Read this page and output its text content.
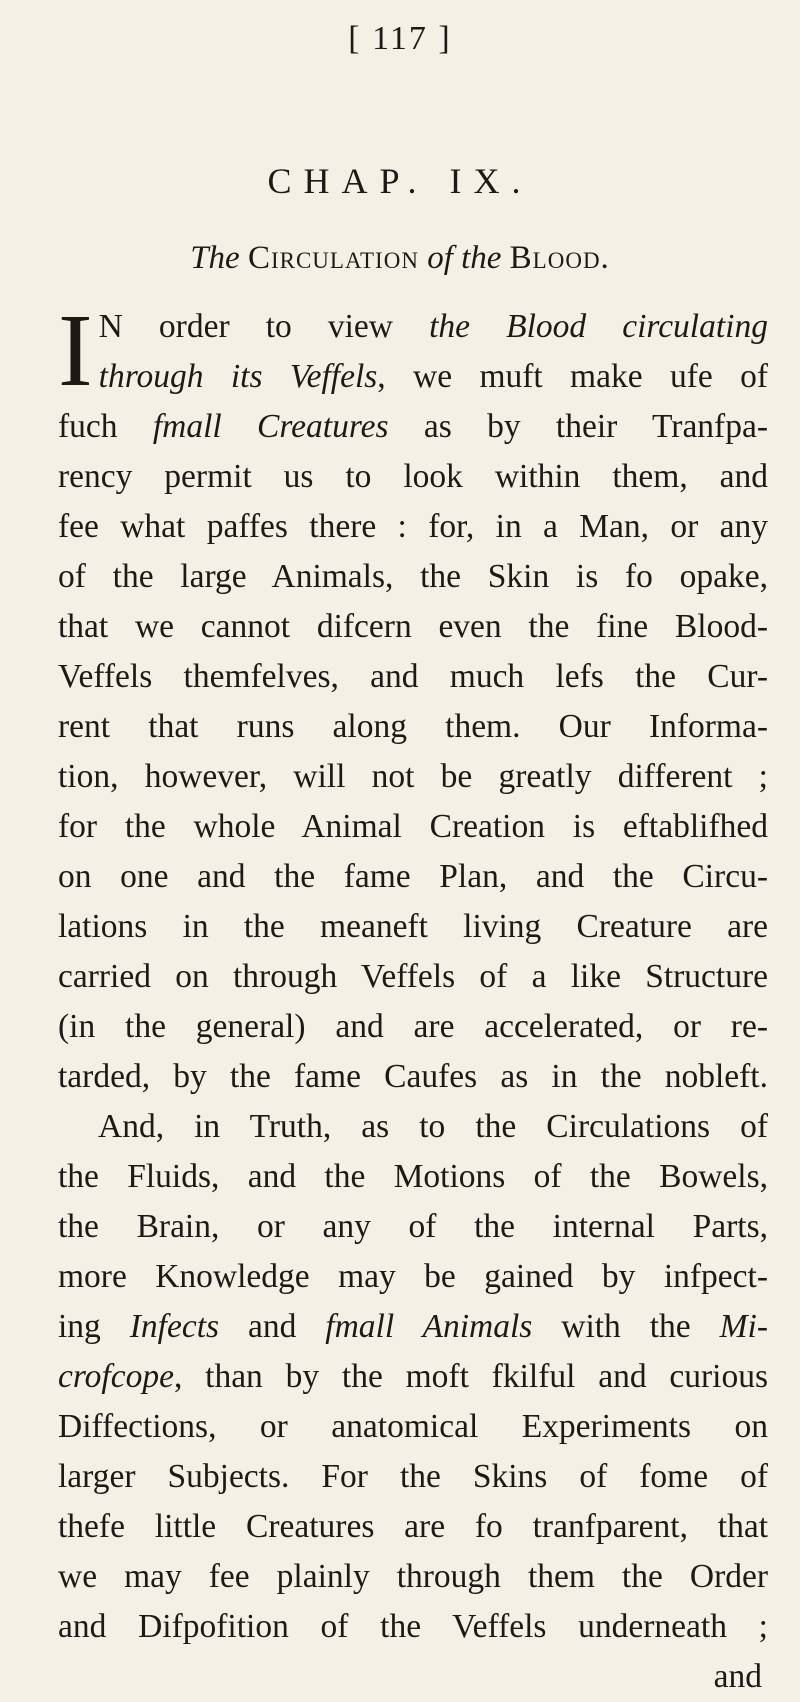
[ 117 ]
CHAP. IX.
The Circulation of the Blood.
I N order to view the Blood circulating
through its Veffels, we muft make ufe of
fuch fmall Creatures as by their Tranfpa-
rency permit us to look within them, and
fee what paffes there : for, in a Man, or any
of the large Animals, the Skin is fo opake,
that we cannot difcern even the fine Blood-
Veffels themfelves, and much lefs the Cur-
rent that runs along them. Our Informa-
tion, however, will not be greatly different ;
for the whole Animal Creation is eftablifhed
on one and the fame Plan, and the Circu-
lations in the meaneft living Creature are
carried on through Veffels of a like Structure
(in the general) and are accelerated, or re-
tarded, by the fame Caufes as in the nobleft.
And, in Truth, as to the Circulations of
the Fluids, and the Motions of the Bowels,
the Brain, or any of the internal Parts,
more Knowledge may be gained by infpect-
ing Infects and fmall Animals with the Mi-
crofcope, than by the moft fkilful and curious
Diffections, or anatomical Experiments on
larger Subjects. For the Skins of fome of
thefe little Creatures are fo tranfparent, that
we may fee plainly through them the Order
and Difpofition of the Veffels underneath ;
and
